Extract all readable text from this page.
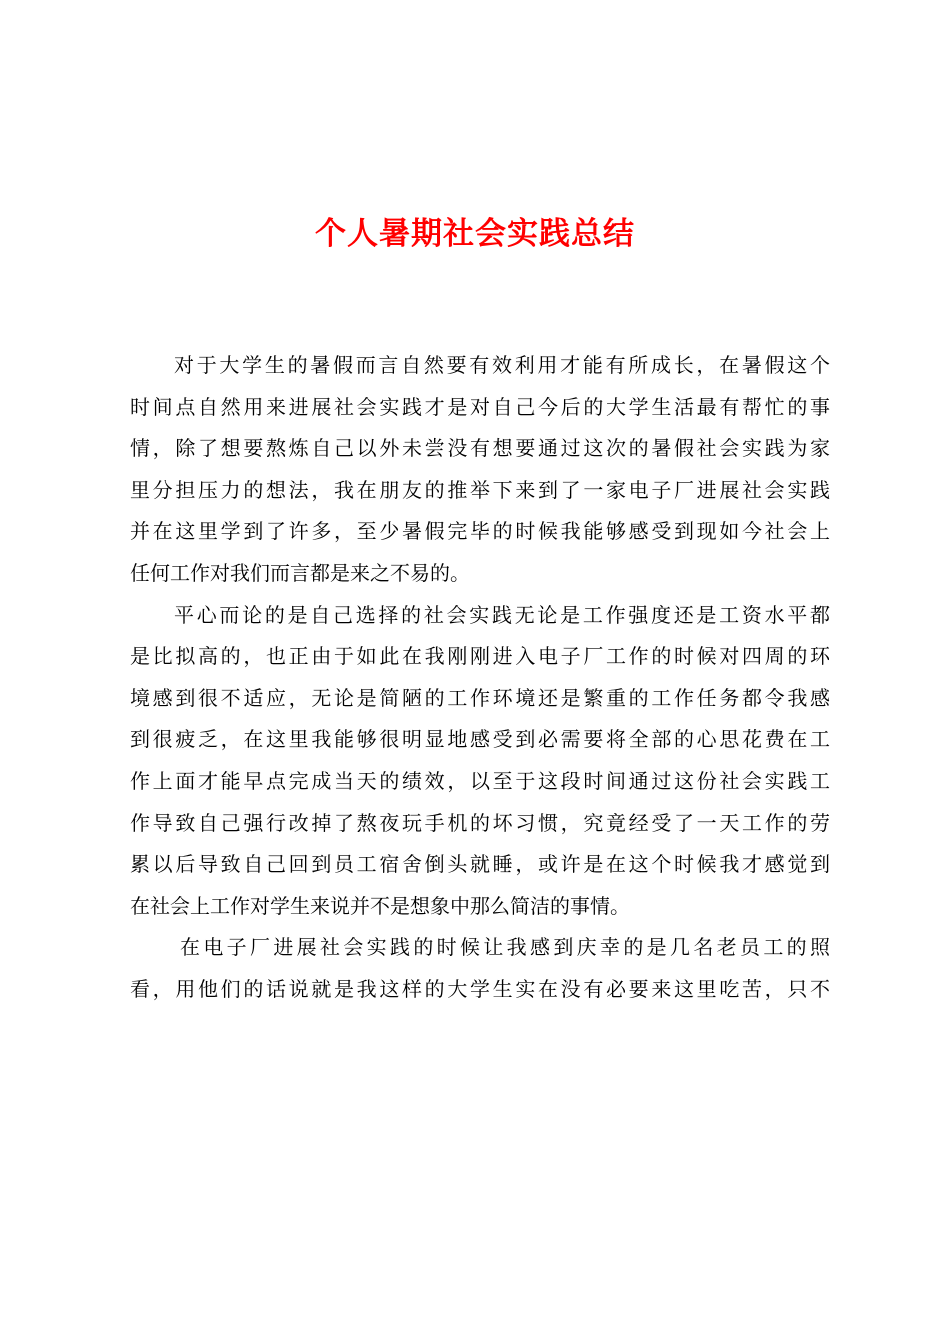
个人暑期社会实践总结
对于大学生的暑假而言自然要有效利用才能有所成长，在暑假这个
时间点自然用来进展社会实践才是对自己今后的大学生活最有帮忙的事
情，除了想要熬炼自己以外未尝没有想要通过这次的暑假社会实践为家
里分担压力的想法，我在朋友的推举下来到了一家电子厂进展社会实践
并在这里学到了许多，至少暑假完毕的时候我能够感受到现如今社会上
任何工作对我们而言都是来之不易的。
平心而论的是自己选择的社会实践无论是工作强度还是工资水平都
是比拟高的，也正由于如此在我刚刚进入电子厂工作的时候对四周的环
境感到很不适应，无论是简陋的工作环境还是繁重的工作任务都令我感
到很疲乏，在这里我能够很明显地感受到必需要将全部的心思花费在工
作上面才能早点完成当天的绩效，以至于这段时间通过这份社会实践工
作导致自己强行改掉了熬夜玩手机的坏习惯，究竟经受了一天工作的劳
累以后导致自己回到员工宿舍倒头就睡，或许是在这个时候我才感觉到
在社会上工作对学生来说并不是想象中那么简洁的事情。
在电子厂进展社会实践的时候让我感到庆幸的是几名老员工的照
看，用他们的话说就是我这样的大学生实在没有必要来这里吃苦，只不
